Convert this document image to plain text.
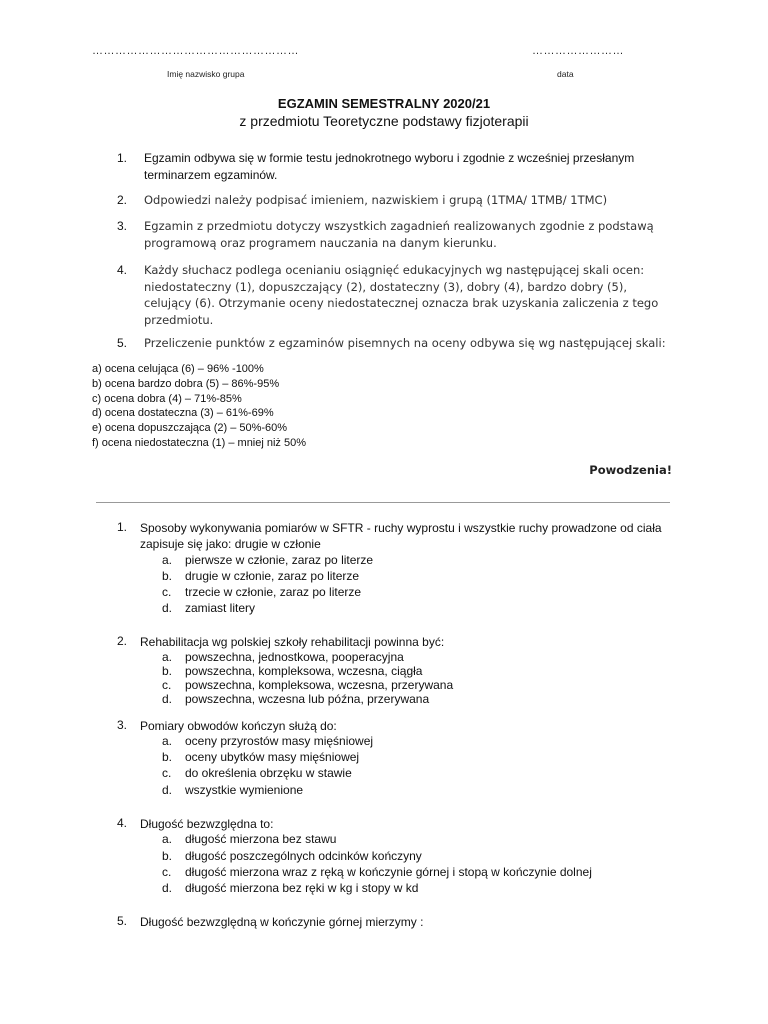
………………………………………………	……………………
Imię nazwisko grupa	data
EGZAMIN SEMESTRALNY 2020/21
z przedmiotu Teoretyczne podstawy fizjoterapii
1. Egzamin odbywa się w formie testu jednokrotnego wyboru i zgodnie z wcześniej przesłanym terminarzem egzaminów.
2. Odpowiedzi należy podpisać imieniem, nazwiskiem i grupą (1TMA/ 1TMB/ 1TMC)
3. Egzamin z przedmiotu dotyczy wszystkich zagadnień realizowanych zgodnie z podstawą programową oraz programem nauczania na danym kierunku.
4. Każdy słuchacz podlega ocenianiu osiągnięć edukacyjnych wg następującej skali ocen: niedostateczny (1), dopuszczający (2), dostateczny (3), dobry (4), bardzo dobry (5), celujący (6). Otrzymanie oceny niedostatecznej oznacza brak uzyskania zaliczenia z tego przedmiotu.
5. Przeliczenie punktów z egzaminów pisemnych na oceny odbywa się wg następującej skali:
a) ocena celująca (6) – 96% -100%
b) ocena bardzo dobra (5) – 86%-95%
c) ocena dobra (4) – 71%-85%
d) ocena dostateczna (3) – 61%-69%
e) ocena dopuszczająca (2) – 50%-60%
f) ocena niedostateczna (1) – mniej niż 50%
Powodzenia!
1. Sposoby wykonywania pomiarów w SFTR - ruchy wyprostu i wszystkie ruchy prowadzone od ciała zapisuje się jako: drugie w członie
a. pierwsze w członie, zaraz po literze
b. drugie w członie, zaraz po literze
c. trzecie w członie, zaraz po literze
d. zamiast litery
2. Rehabilitacja wg polskiej szkoły rehabilitacji powinna być:
a. powszechna, jednostkowa, pooperacyjna
b. powszechna, kompleksowa, wczesna, ciągła
c. powszechna, kompleksowa, wczesna, przerywana
d. powszechna, wczesna lub późna, przerywana
3. Pomiary obwodów kończyn służą do:
a. oceny przyrostów masy mięśniowej
b. oceny ubytków masy mięśniowej
c. do określenia obrzęku w stawie
d. wszystkie wymienione
4. Długość bezwzględna to:
a. długość mierzona bez stawu
b. długość poszczególnych odcinków kończyny
c. długość mierzona wraz z ręką w kończynie górnej i stopą w kończynie dolnej
d. długość mierzona bez ręki w kg i stopy w kd
5. Długość bezwzględną w kończynie górnej mierzymy :
